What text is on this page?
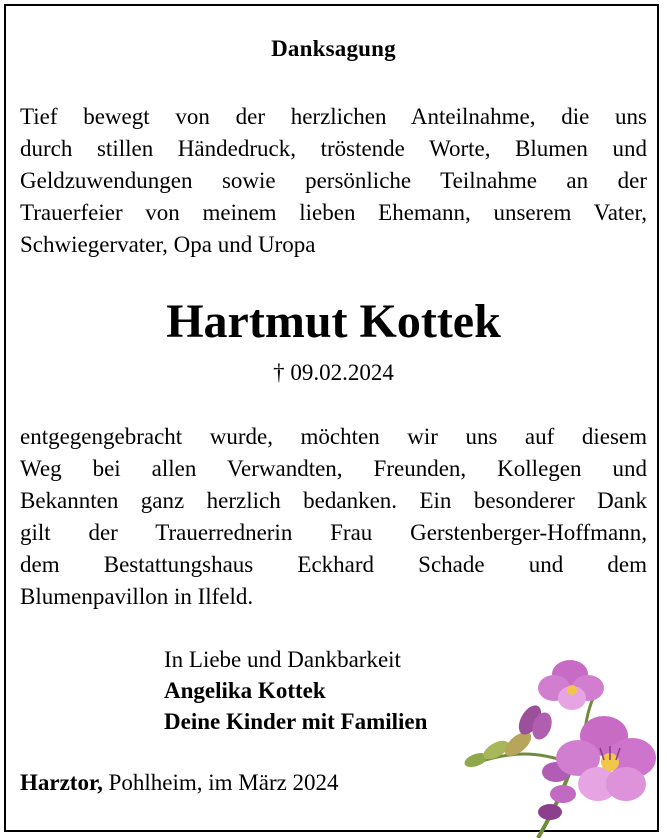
Danksagung
Tief bewegt von der herzlichen Anteilnahme, die uns
durch stillen Händedruck, tröstende Worte, Blumen und
Geldzuwendungen sowie persönliche Teilnahme an der
Trauerfeier von meinem lieben Ehemann, unserem Vater,
Schwiegervater, Opa und Uropa
Hartmut Kottek
† 09.02.2024
entgegengebracht wurde, möchten wir uns auf diesem
Weg bei allen Verwandten, Freunden, Kollegen und
Bekannten ganz herzlich bedanken. Ein besonderer Dank
gilt der Trauerrednerin Frau Gerstenberger-Hoffmann,
dem Bestattungshaus Eckhard Schade und dem
Blumenpavillon in Ilfeld.
In Liebe und Dankbarkeit
Angelika Kottek
Deine Kinder mit Familien
Harztor, Pohlheim, im März 2024
